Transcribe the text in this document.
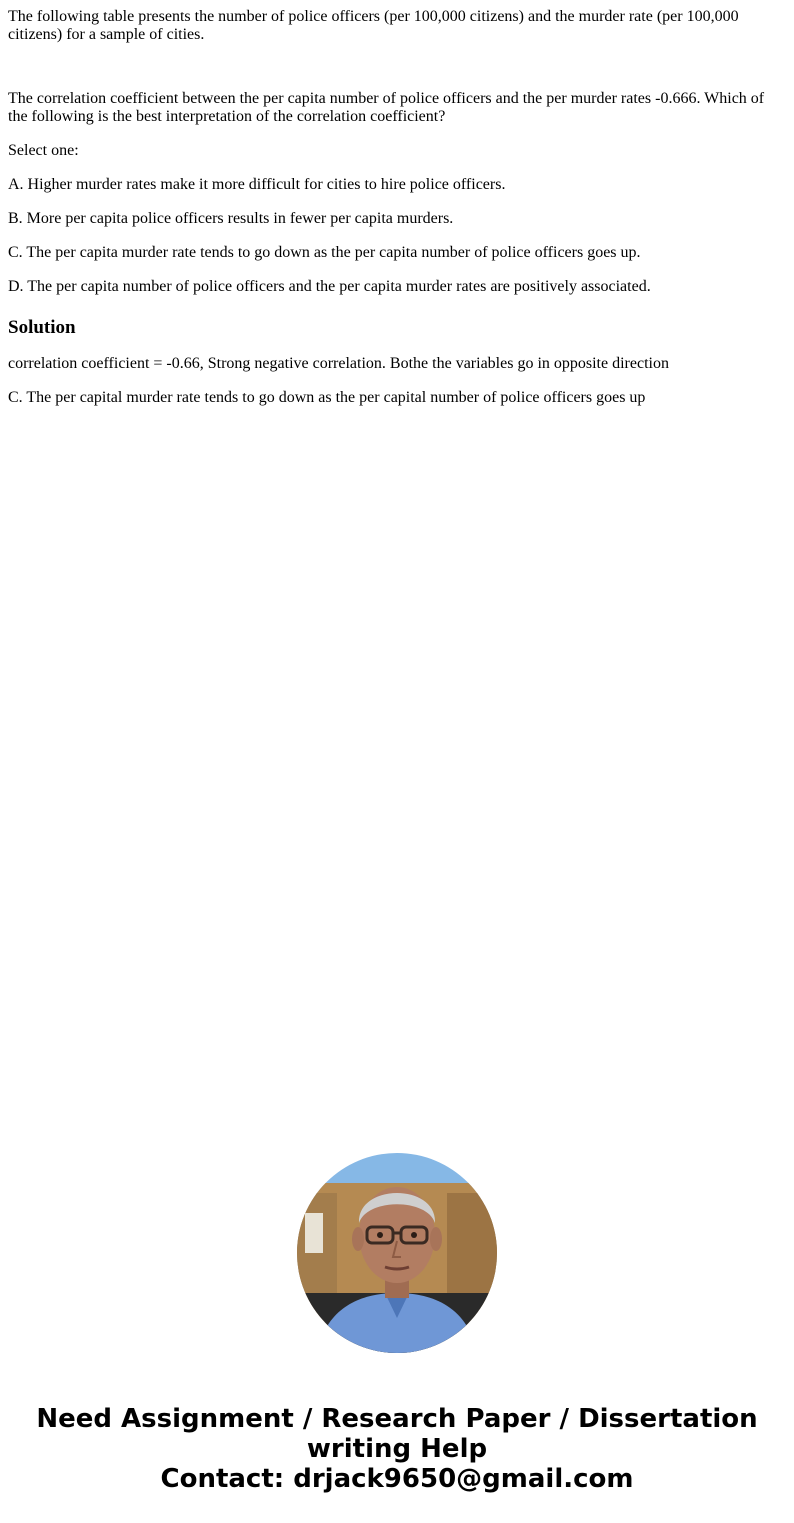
The following table presents the number of police officers (per 100,000 citizens) and the murder rate (per 100,000 citizens) for a sample of cities.

The correlation coefficient between the per capita number of police officers and the per murder rates -0.666. Which of the following is the best interpretation of the correlation coefficient?

Select one:

A. Higher murder rates make it more difficult for cities to hire police officers.

B. More per capita police officers results in fewer per capita murders.

C. The per capita murder rate tends to go down as the per capita number of police officers goes up.

D. The per capita number of police officers and the per capita murder rates are positively associated.

Solution

correlation coefficient = -0.66, Strong negative correlation. Bothe the variables go in opposite direction

C. The per capital murder rate tends to go down as the per capital number of police officers goes up

Need Assignment / Research Paper / Dissertation
writing Help
Contact: drjack9650@gmail.com
